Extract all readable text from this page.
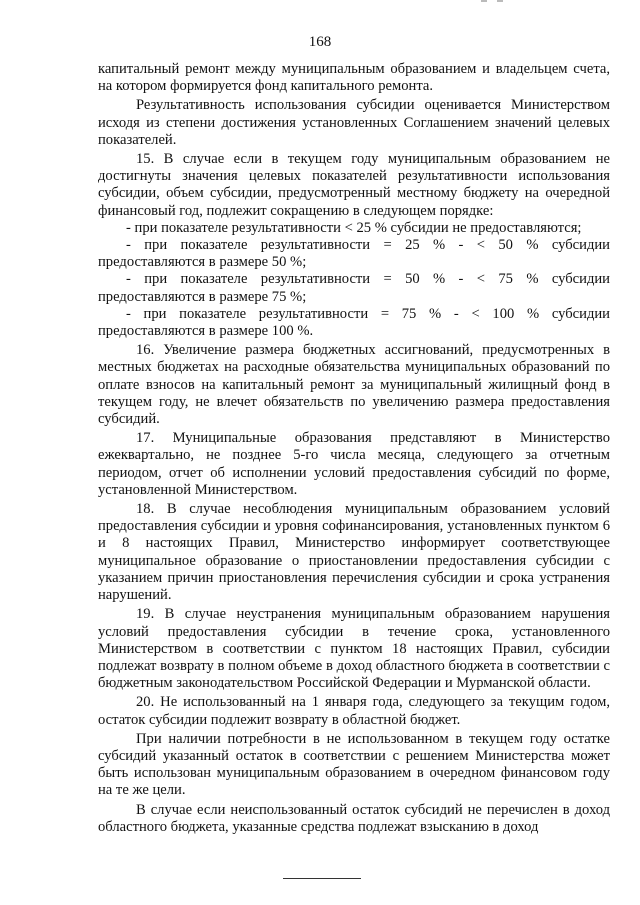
168

капитальный ремонт между муниципальным образованием и владельцем счета, на котором формируется фонд капитального ремонта.

Результативность использования субсидии оценивается Министерством исходя из степени достижения установленных Соглашением значений целевых показателей.

15. В случае если в текущем году муниципальным образованием не достигнуты значения целевых показателей результативности использования субсидии, объем субсидии, предусмотренный местному бюджету на очередной финансовый год, подлежит сокращению в следующем порядке:

- при показателе результативности < 25 % субсидии не предоставляются;

- при показателе результативности = 25 % - < 50 % субсидии предоставляются в размере 50 %;

- при показателе результативности = 50 % - < 75 % субсидии предоставляются в размере 75 %;

- при показателе результативности = 75 % - < 100 % субсидии предоставляются в размере 100 %.

16. Увеличение размера бюджетных ассигнований, предусмотренных в местных бюджетах на расходные обязательства муниципальных образований по оплате взносов на капитальный ремонт за муниципальный жилищный фонд в текущем году, не влечет обязательств по увеличению размера предоставления субсидий.

17. Муниципальные образования представляют в Министерство ежеквартально, не позднее 5-го числа месяца, следующего за отчетным периодом, отчет об исполнении условий предоставления субсидий по форме, установленной Министерством.

18. В случае несоблюдения муниципальным образованием условий предоставления субсидии и уровня софинансирования, установленных пунктом 6 и 8 настоящих Правил, Министерство информирует соответствующее муниципальное образование о приостановлении предоставления субсидии с указанием причин приостановления перечисления субсидии и срока устранения нарушений.

19. В случае неустранения муниципальным образованием нарушения условий предоставления субсидии в течение срока, установленного Министерством в соответствии с пунктом 18 настоящих Правил, субсидии подлежат возврату в полном объеме в доход областного бюджета в соответствии с бюджетным законодательством Российской Федерации и Мурманской области.

20. Не использованный на 1 января года, следующего за текущим годом, остаток субсидии подлежит возврату в областной бюджет.

При наличии потребности в не использованном в текущем году остатке субсидий указанный остаток в соответствии с решением Министерства может быть использован муниципальным образованием в очередном финансовом году на те же цели.

В случае если неиспользованный остаток субсидий не перечислен в доход областного бюджета, указанные средства подлежат взысканию в доход
